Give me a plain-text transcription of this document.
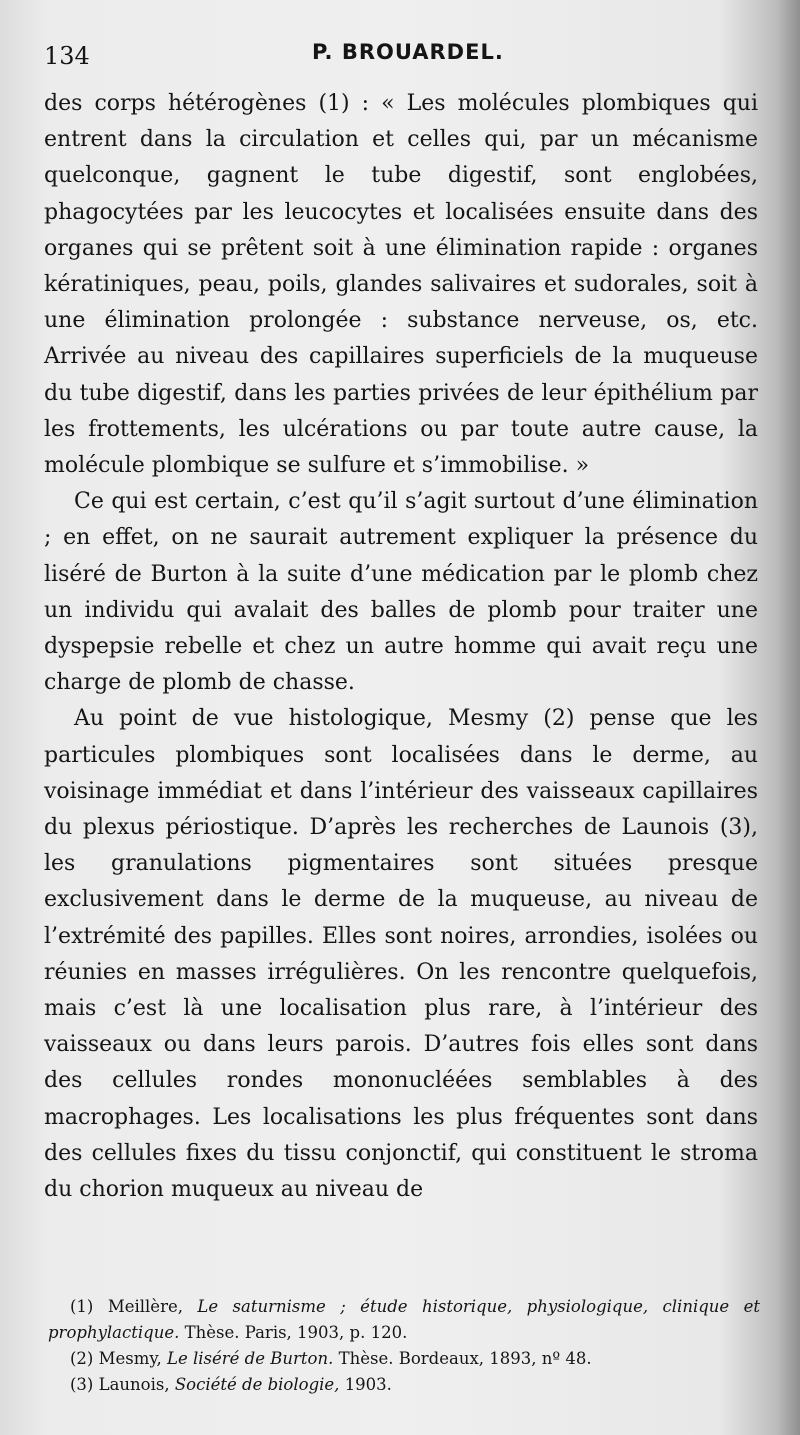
134	P. BROUARDEL.

des corps hétérogènes (1) : « Les molécules plombiques qui entrent dans la circulation et celles qui, par un mécanisme quelconque, gagnent le tube digestif, sont englobées, phagocytées par les leucocytes et localisées ensuite dans des organes qui se prêtent soit à une élimination rapide : organes kératiniques, peau, poils, glandes salivaires et sudorales, soit à une élimination prolongée : substance nerveuse, os, etc. Arrivée au niveau des capillaires superficiels de la muqueuse du tube digestif, dans les parties privées de leur épithélium par les frottements, les ulcérations ou par toute autre cause, la molécule plombique se sulfure et s’immobilise. »

Ce qui est certain, c’est qu’il s’agit surtout d’une élimination ; en effet, on ne saurait autrement expliquer la présence du liséré de Burton à la suite d’une médication par le plomb chez un individu qui avalait des balles de plomb pour traiter une dyspepsie rebelle et chez un autre homme qui avait reçu une charge de plomb de chasse.

Au point de vue histologique, Mesmy (2) pense que les particules plombiques sont localisées dans le derme, au voisinage immédiat et dans l’intérieur des vaisseaux capillaires du plexus périostique. D’après les recherches de Launois (3), les granulations pigmentaires sont situées presque exclusivement dans le derme de la muqueuse, au niveau de l’extrémité des papilles. Elles sont noires, arrondies, isolées ou réunies en masses irrégulières. On les rencontre quelquefois, mais c’est là une localisation plus rare, à l’intérieur des vaisseaux ou dans leurs parois. D’autres fois elles sont dans des cellules rondes mononucléées semblables à des macrophages. Les localisations les plus fréquentes sont dans des cellules fixes du tissu conjonctif, qui constituent le stroma du chorion muqueux au niveau de

(1) Meillère, Le saturnisme ; étude historique, physiologique, clinique et prophylactique. Thèse. Paris, 1903, p. 120.

(2) Mesmy, Le liséré de Burton. Thèse. Bordeaux, 1893, nº 48.

(3) Launois, Société de biologie, 1903.
